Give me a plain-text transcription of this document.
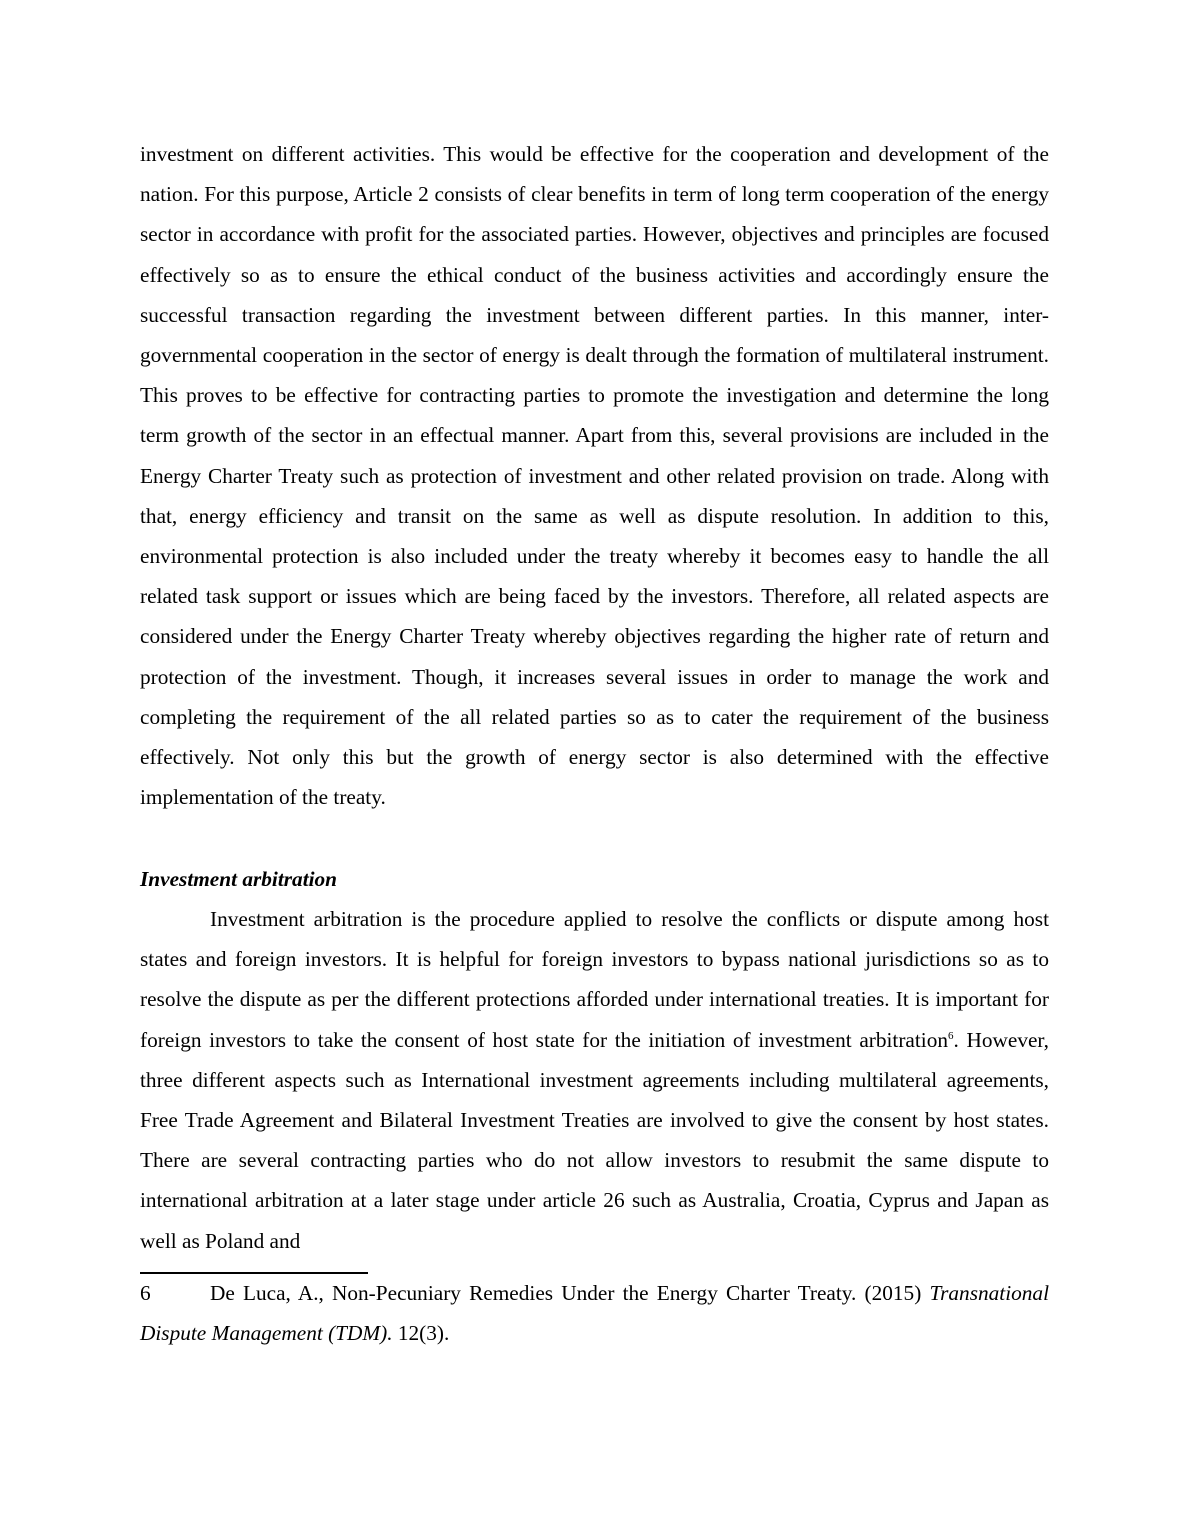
investment on different activities. This would be effective for the cooperation and development of the nation. For this purpose, Article 2 consists of clear benefits in term of long term cooperation of the energy sector in accordance with profit for the associated parties. However, objectives and principles are focused effectively so as to ensure the ethical conduct of the business activities and accordingly ensure the successful transaction regarding the investment between different parties. In this manner, inter-governmental cooperation in the sector of energy is dealt through the formation of multilateral instrument. This proves to be effective for contracting parties to promote the investigation and determine the long term growth of the sector in an effectual manner. Apart from this, several provisions are included in the Energy Charter Treaty such as protection of investment and other related provision on trade. Along with that, energy efficiency and transit on the same as well as dispute resolution. In addition to this, environmental protection is also included under the treaty whereby it becomes easy to handle the all related task support or issues which are being faced by the investors. Therefore, all related aspects are considered under the Energy Charter Treaty whereby objectives regarding the higher rate of return and protection of the investment. Though, it increases several issues in order to manage the work and completing the requirement of the all related parties so as to cater the requirement of the business effectively. Not only this but the growth of energy sector is also determined with the effective implementation of the treaty.

Investment arbitration

Investment arbitration is the procedure applied to resolve the conflicts or dispute among host states and foreign investors. It is helpful for foreign investors to bypass national jurisdictions so as to resolve the dispute as per the different protections afforded under international treaties. It is important for foreign investors to take the consent of host state for the initiation of investment arbitration$^6$. However, three different aspects such as International investment agreements including multilateral agreements, Free Trade Agreement and Bilateral Investment Treaties are involved to give the consent by host states. There are several contracting parties who do not allow investors to resubmit the same dispute to international arbitration at a later stage under article 26 such as Australia, Croatia, Cyprus and Japan as well as Poland and

6	De Luca, A., Non-Pecuniary Remedies Under the Energy Charter Treaty. (2015) Transnational Dispute Management (TDM). 12(3).
